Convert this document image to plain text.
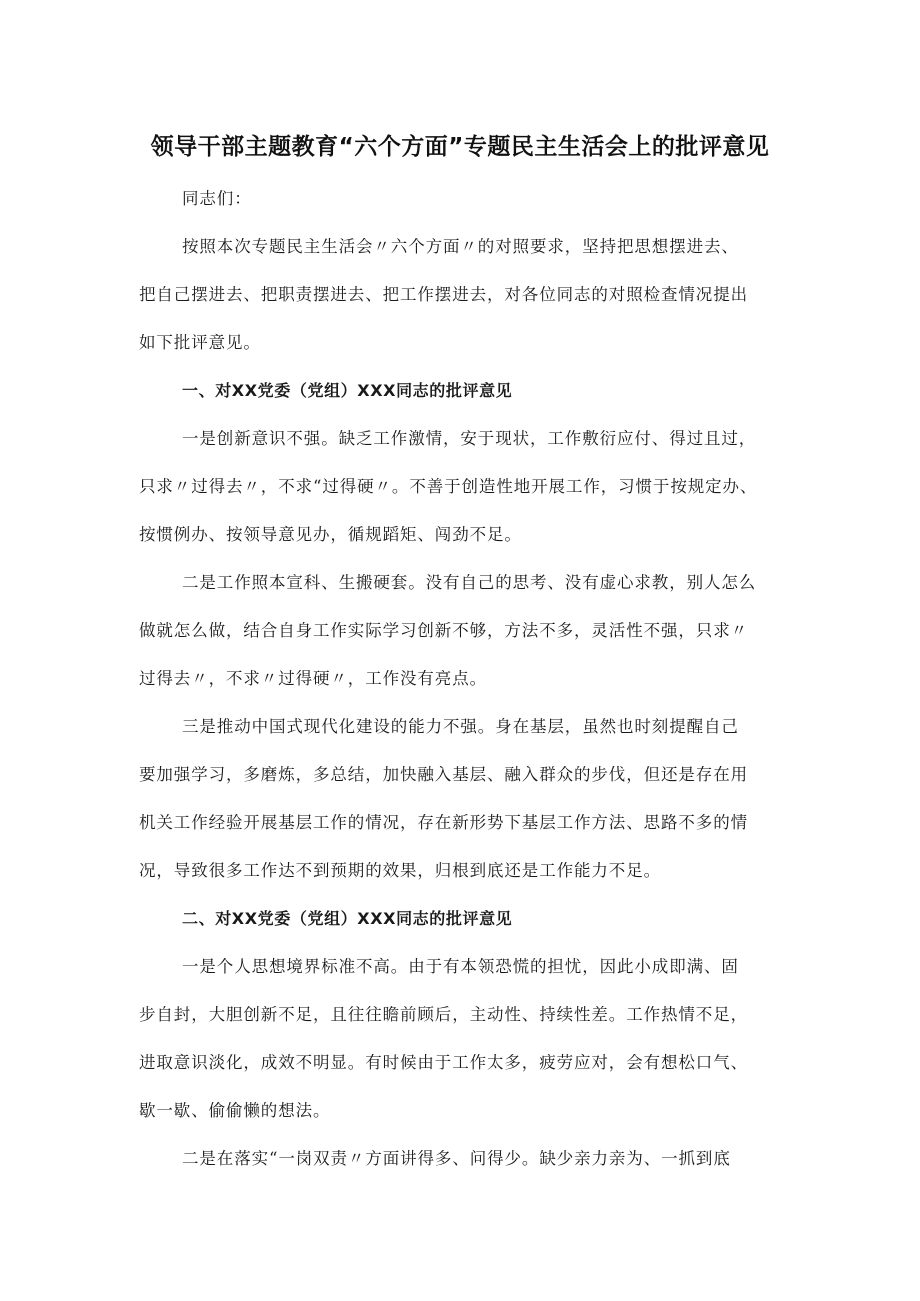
领导干部主题教育“六个方面”专题民主生活会上的批评意见
同志们：
按照本次专题民主生活会〃六个方面〃的对照要求，坚持把思想摆进去、
把自己摆进去、把职责摆进去、把工作摆进去，对各位同志的对照检查情况提出
如下批评意见。
一、对XX党委（党组）XXX同志的批评意见
一是创新意识不强。缺乏工作激情，安于现状，工作敷衍应付、得过且过，
只求〃过得去〃，不求“过得硬〃。不善于创造性地开展工作，习惯于按规定办、
按惯例办、按领导意见办，循规蹈矩、闯劲不足。
二是工作照本宣科、生搬硬套。没有自己的思考、没有虚心求教，别人怎么
做就怎么做，结合自身工作实际学习创新不够，方法不多，灵活性不强，只求〃
过得去〃，不求〃过得硬〃，工作没有亮点。
三是推动中国式现代化建设的能力不强。身在基层，虽然也时刻提醒自己
要加强学习，多磨炼，多总结，加快融入基层、融入群众的步伐，但还是存在用
机关工作经验开展基层工作的情况，存在新形势下基层工作方法、思路不多的情
况，导致很多工作达不到预期的效果，归根到底还是工作能力不足。
二、对XX党委（党组）XXX同志的批评意见
一是个人思想境界标准不高。由于有本领恐慌的担忧，因此小成即满、固
步自封，大胆创新不足，且往往瞻前顾后，主动性、持续性差。工作热情不足，
进取意识淡化，成效不明显。有时候由于工作太多，疲劳应对，会有想松口气、
歇一歇、偷偷懒的想法。
二是在落实“一岗双责〃方面讲得多、问得少。缺少亲力亲为、一抓到底
